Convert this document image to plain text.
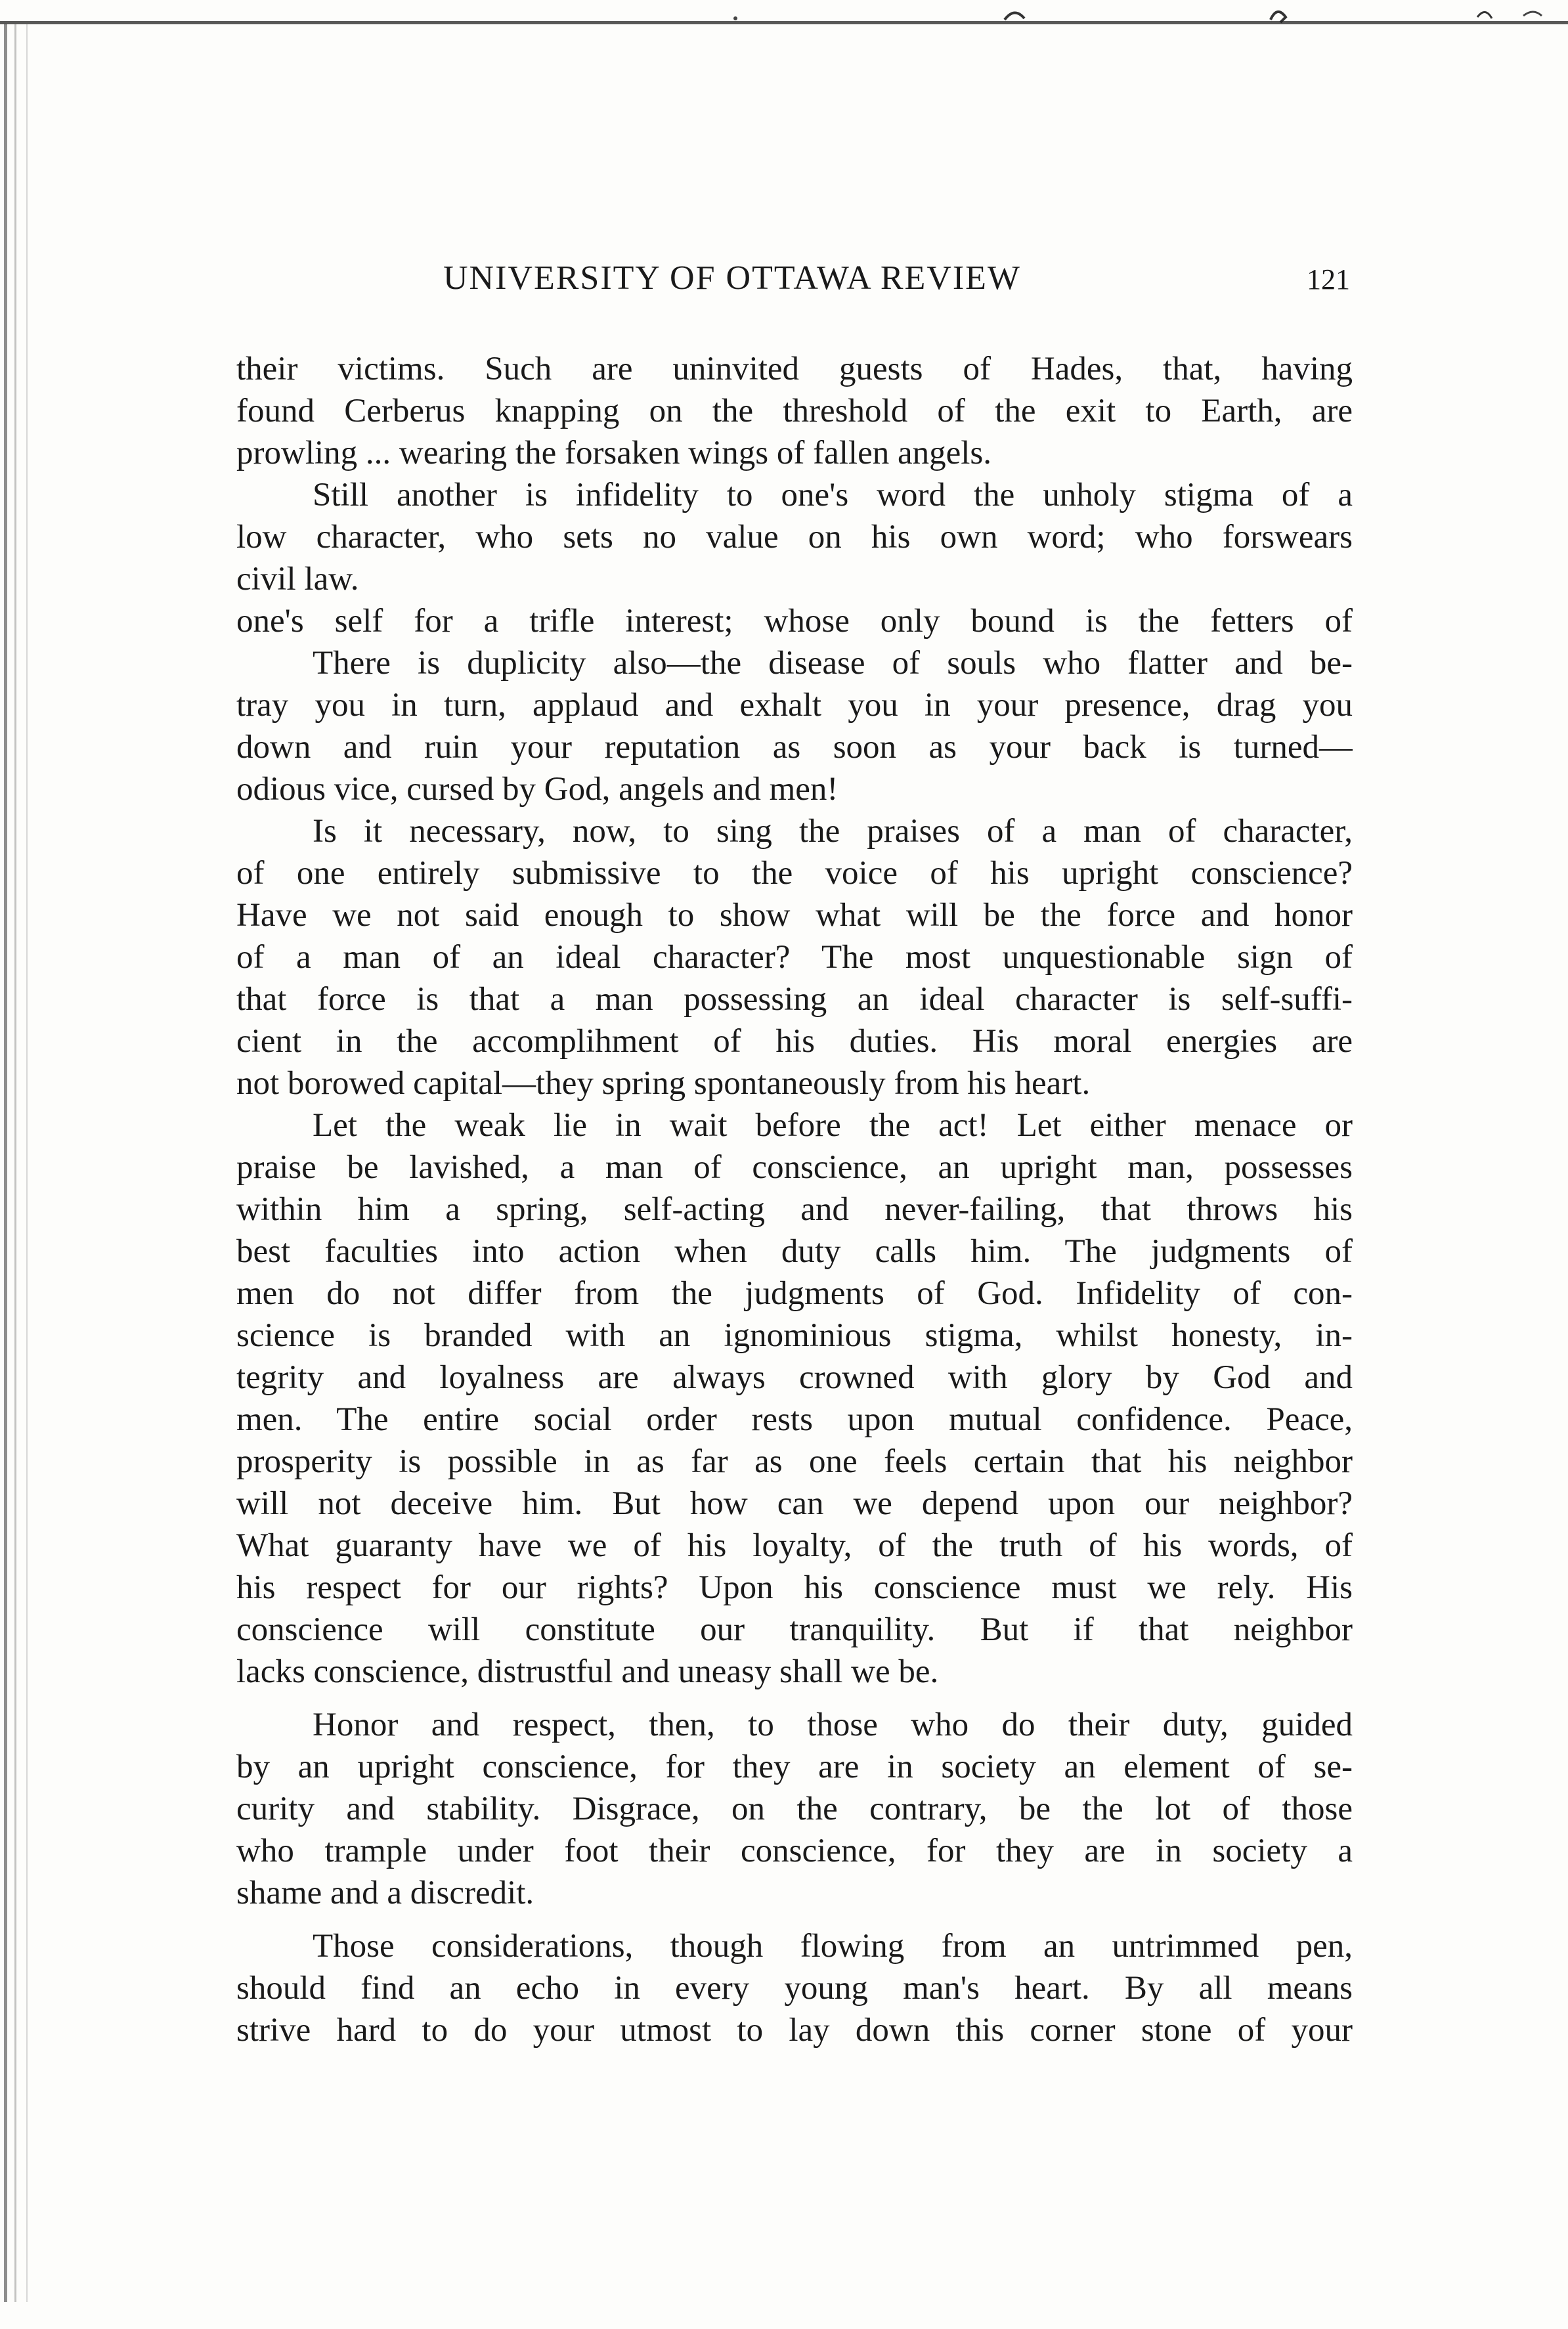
UNIVERSITY OF OTTAWA REVIEW	121
their victims. Such are uninvited guests of Hades, that, having
found Cerberus knapping on the threshold of the exit to Earth, are
prowling ... wearing the forsaken wings of fallen angels.
Still another is infidelity to one's word the unholy stigma of a
low character, who sets no value on his own word; who forswears
civil law.
one's self for a trifle interest; whose only bound is the fetters of
There is duplicity also—the disease of souls who flatter and be-
tray you in turn, applaud and exhalt you in your presence, drag you
down and ruin your reputation as soon as your back is turned—
odious vice, cursed by God, angels and men!
Is it necessary, now, to sing the praises of a man of character,
of one entirely submissive to the voice of his upright conscience?
Have we not said enough to show what will be the force and honor
of a man of an ideal character? The most unquestionable sign of
that force is that a man possessing an ideal character is self-suffi-
cient in the accomplihment of his duties. His moral energies are
not borowed capital—they spring spontaneously from his heart.
Let the weak lie in wait before the act! Let either menace or
praise be lavished, a man of conscience, an upright man, possesses
within him a spring, self-acting and never-failing, that throws his
best faculties into action when duty calls him. The judgments of
men do not differ from the judgments of God. Infidelity of con-
science is branded with an ignominious stigma, whilst honesty, in-
tegrity and loyalness are always crowned with glory by God and
men. The entire social order rests upon mutual confidence. Peace,
prosperity is possible in as far as one feels certain that his neighbor
will not deceive him. But how can we depend upon our neighbor?
What guaranty have we of his loyalty, of the truth of his words, of
his respect for our rights? Upon his conscience must we rely. His
conscience will constitute our tranquility. But if that neighbor
lacks conscience, distrustful and uneasy shall we be.
Honor and respect, then, to those who do their duty, guided
by an upright conscience, for they are in society an element of se-
curity and stability. Disgrace, on the contrary, be the lot of those
who trample under foot their conscience, for they are in society a
shame and a discredit.
Those considerations, though flowing from an untrimmed pen,
should find an echo in every young man's heart. By all means
strive hard to do your utmost to lay down this corner stone of your
